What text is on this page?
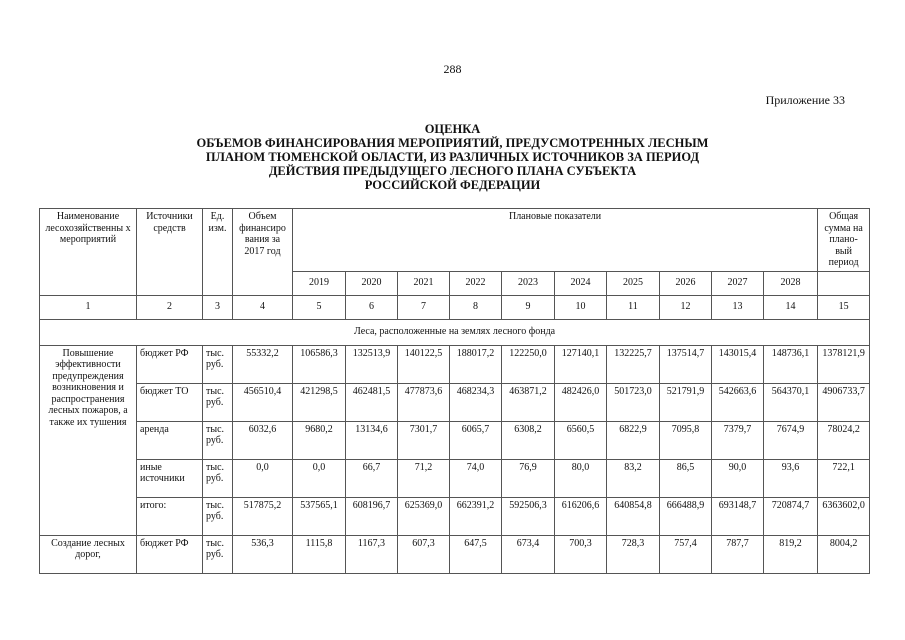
288
Приложение 33
ОЦЕНКА
ОБЪЕМОВ ФИНАНСИРОВАНИЯ МЕРОПРИЯТИЙ, ПРЕДУСМОТРЕННЫХ ЛЕСНЫМ
ПЛАНОМ ТЮМЕНСКОЙ ОБЛАСТИ, ИЗ РАЗЛИЧНЫХ ИСТОЧНИКОВ ЗА ПЕРИОД
ДЕЙСТВИЯ ПРЕДЫДУЩЕГО ЛЕСНОГО ПЛАНА СУБЪЕКТА
РОССИЙСКОЙ ФЕДЕРАЦИИ
Наименование лесохозяйственны х мероприятий	Источники средств	Ед. изм.	Объем финансиро вания за 2017 год	Плановые показатели										Общая сумма на плано-вый период
				2019	2020	2021	2022	2023	2024	2025	2026	2027	2028	
1	2	3	4	5	6	7	8	9	10	11	12	13	14	15
Леса, расположенные на землях лесного фонда														
Повышение эффективности предупреждения возникновения и распространения лесных пожаров, а также их тушения	бюджет РФ	тыс. руб.	55332,2	106586,3	132513,9	140122,5	188017,2	122250,0	127140,1	132225,7	137514,7	143015,4	148736,1	1378121,9
	бюджет ТО	тыс. руб.	456510,4	421298,5	462481,5	477873,6	468234,3	463871,2	482426,0	501723,0	521791,9	542663,6	564370,1	4906733,7
	аренда	тыс. руб.	6032,6	9680,2	13134,6	7301,7	6065,7	6308,2	6560,5	6822,9	7095,8	7379,7	7674,9	78024,2
	иные источники	тыс. руб.	0,0	0,0	66,7	71,2	74,0	76,9	80,0	83,2	86,5	90,0	93,6	722,1
	итого:	тыс. руб.	517875,2	537565,1	608196,7	625369,0	662391,2	592506,3	616206,6	640854,8	666488,9	693148,7	720874,7	6363602,0
Создание лесных дорог,	бюджет РФ	тыс. руб.	536,3	1115,8	1167,3	607,3	647,5	673,4	700,3	728,3	757,4	787,7	819,2	8004,2
